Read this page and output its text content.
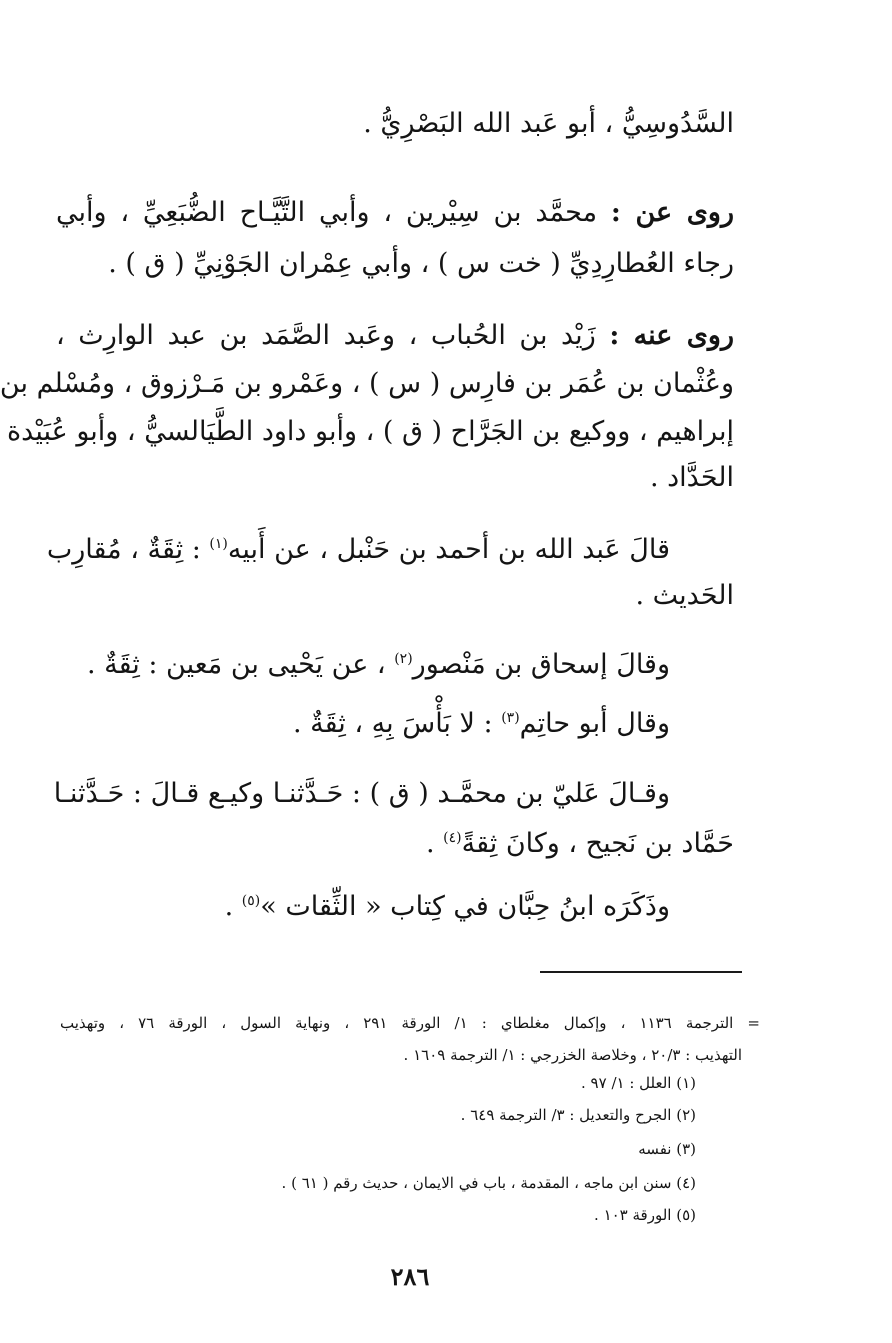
السَّدُوسِيُّ ، أبو عَبد الله البَصْرِيُّ .
روى عن : محمَّد بن سِيْرين ، وأبي التَّيَّـاح الضُّبَعِيِّ ، وأبي
رجاء العُطارِدِيِّ ( خت س ) ، وأبي عِمْران الجَوْنِيِّ ( ق ) .
روى عنه : زَيْد بن الحُباب ، وعَبد الصَّمَد بن عبد الوارِث ،
وعُثْمان بن عُمَر بن فارِس ( س ) ، وعَمْرو بن مَـرْزوق ، ومُسْلم بن
إبراهيم ، ووكيع بن الجَرَّاح ( ق ) ، وأبو داود الطَّيَالسيُّ ، وأبو عُبَيْدة
الحَدَّاد .
قالَ عَبد الله بن أحمد بن حَنْبل ، عن أَبيه$^{(١)}$ : ثِقَةٌ ، مُقارِب
الحَديث .
وقالَ إسحاق بن مَنْصور$^{(٢)}$ ، عن يَحْيى بن مَعين : ثِقَةٌ .
وقال أبو حاتِم$^{(٣)}$ : لا بَأْسَ بِهِ ، ثِقَةٌ .
وقـالَ عَليّ بن محمَّـد ( ق ) : حَـدَّثنـا وكيـع قـالَ : حَـدَّثنـا
حَمَّاد بن نَجيح ، وكانَ ثِقةً$^{(٤)}$ .
وذَكَرَه ابنُ حِبَّان في كِتاب « الثِّقات »$^{(٥)}$ .
= الترجمة ١١٣٦ ، وإكمال مغلطاي : ١/ الورقة ٢٩١ ، ونهاية السول ، الورقة ٧٦ ، وتهذيب
التهذيب : ٢٠/٣ ، وخلاصة الخزرجي : ١/ الترجمة ١٦٠٩ .
(١) العلل : ١/ ٩٧ .
(٢) الجرح والتعديل : ٣/ الترجمة ٦٤٩ .
(٣) نفسه
(٤) سنن ابن ماجه ، المقدمة ، باب في الايمان ، حديث رقم ( ٦١ ) .
(٥) الورقة ١٠٣ .
٢٨٦
